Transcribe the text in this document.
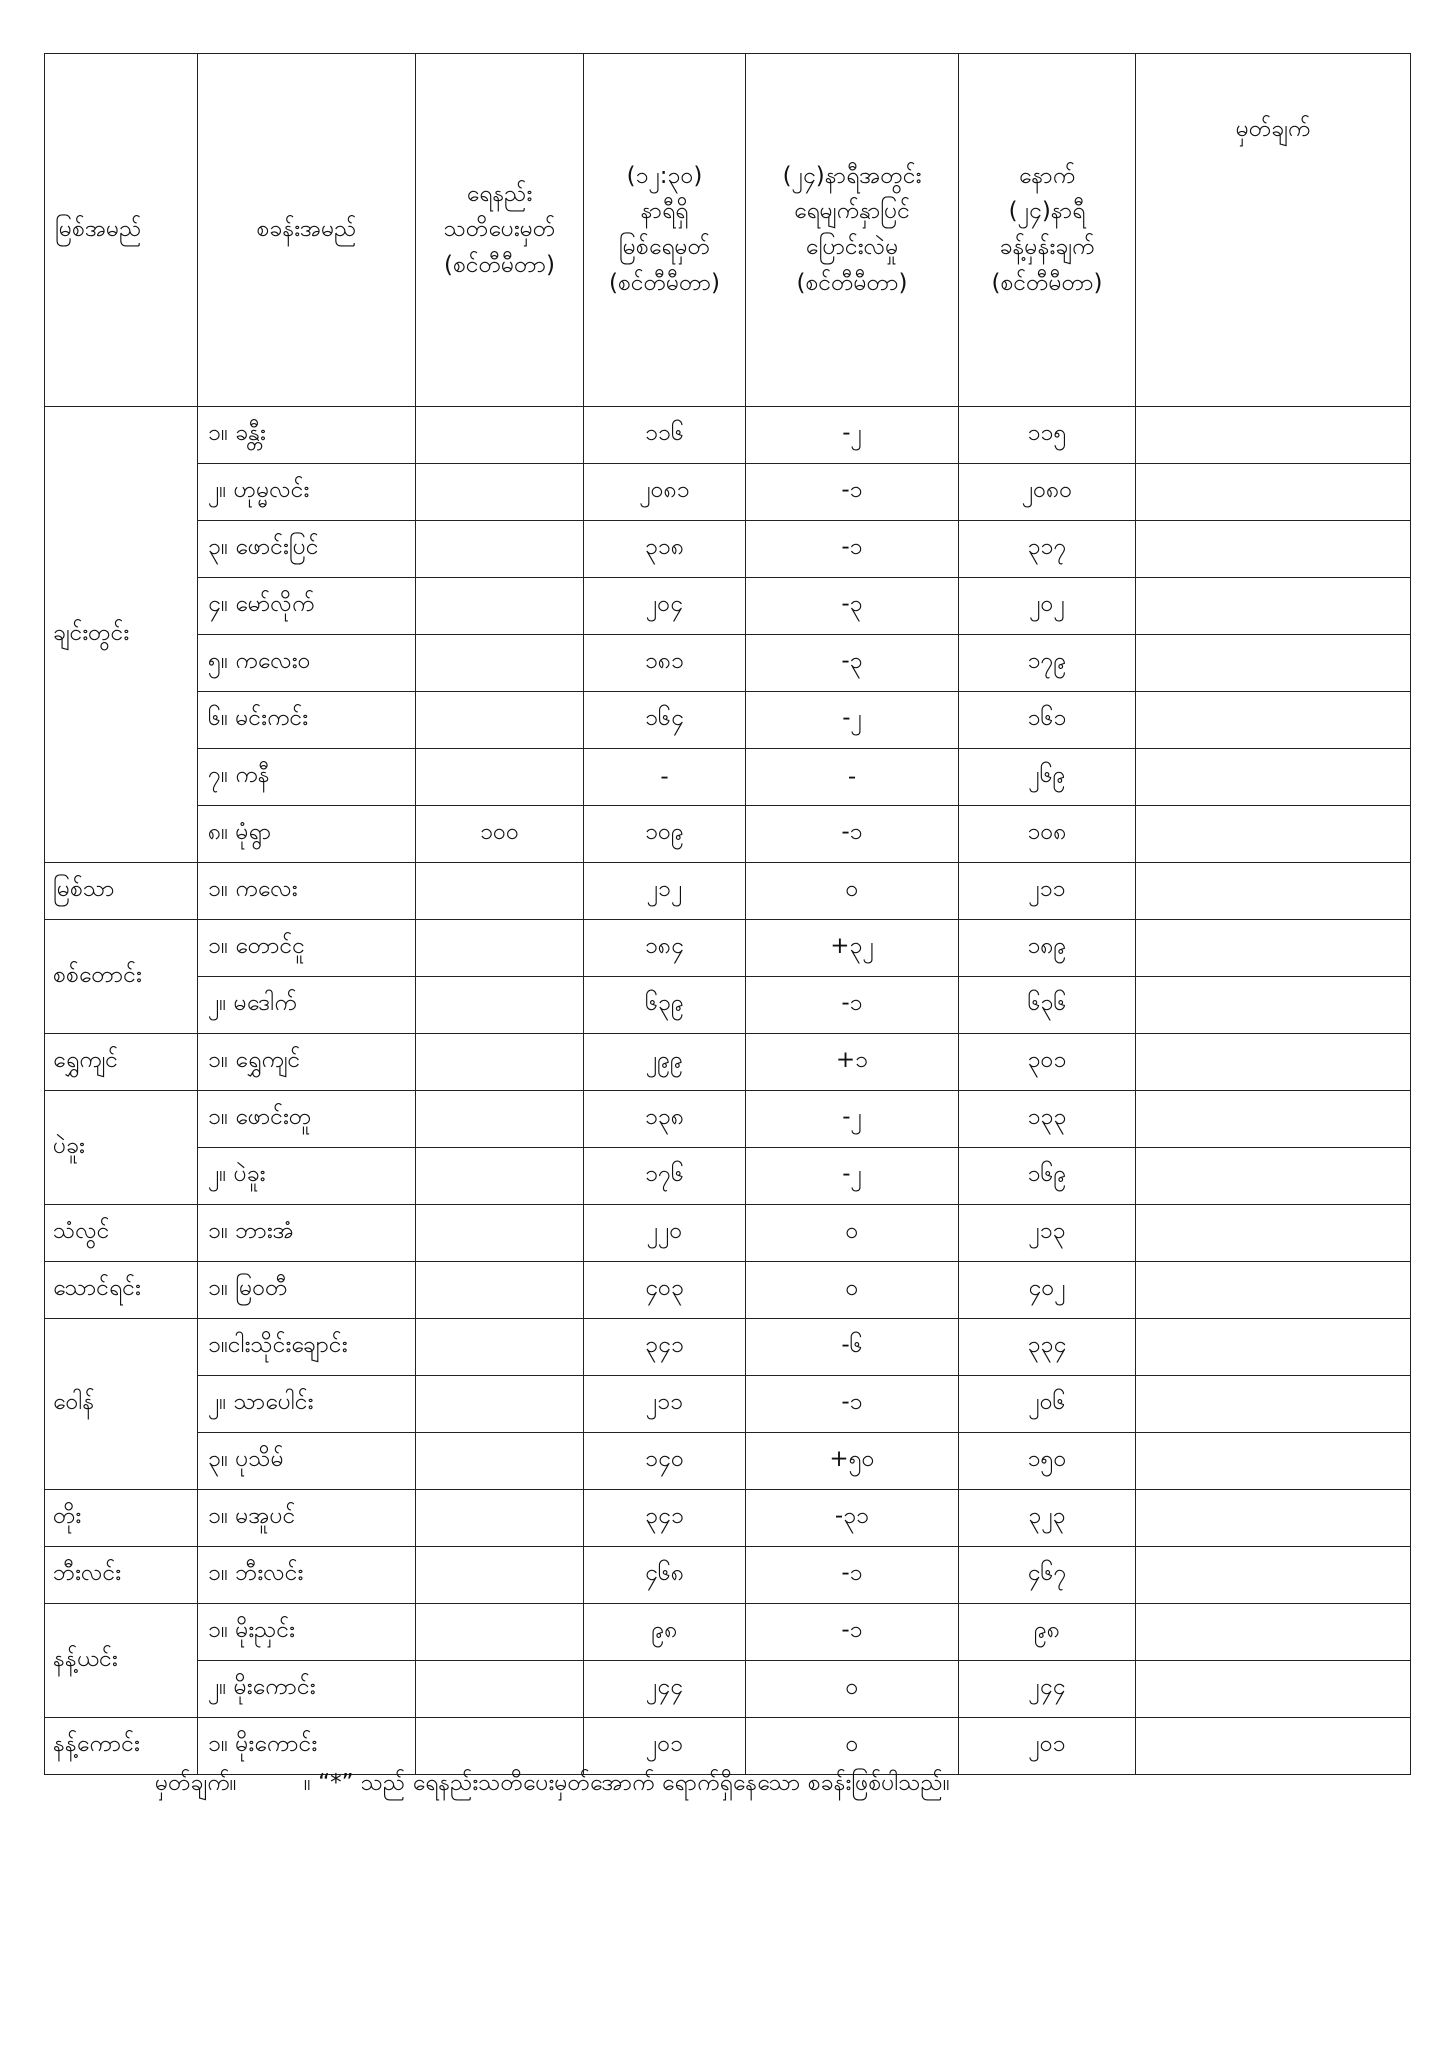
မြစ်အမည်	စခန်းအမည်	ရေနည်း
သတိပေးမှတ်
(စင်တီမီတာ)	(၁၂:၃၀)
နာရီရှိ
မြစ်ရေမှတ်
(စင်တီမီတာ)	(၂၄)နာရီအတွင်း
ရေမျက်နှာပြင်
ပြောင်းလဲမှု
(စင်တီမီတာ)	နောက်
(၂၄)နာရီ
ခန့်မှန်းချက်
(စင်တီမီတာ)	မှတ်ချက်
ချင်းတွင်း	၁။ ခန္တီး		၁၁၆	-၂	၁၁၅	
	၂။ ဟုမ္မလင်း		၂၀၈၁	-၁	၂၀၈၀	
	၃။ ဖောင်းပြင်		၃၁၈	-၁	၃၁၇	
	၄။ မော်လိုက်		၂၀၄	-၃	၂၀၂	
	၅။ ကလေးဝ		၁၈၁	-၃	၁၇၉	
	၆။ မင်းကင်း		၁၆၄	-၂	၁၆၁	
	၇။ ကနီ		-	-	၂၆၉	
	၈။ မုံရွာ	၁၀၀	၁၀၉	-၁	၁၀၈	
မြစ်သာ	၁။ ကလေး		၂၁၂	၀	၂၁၁	
စစ်တောင်း	၁။ တောင်ငူ		၁၈၄	+၃၂	၁၈၉	
	၂။ မဒေါက်		၆၃၉	-၁	၆၃၆	
ရွှေကျင်	၁။ ရွှေကျင်		၂၉၉	+၁	၃၀၁	
ပဲခူး	၁။ ဖောင်းတူ		၁၃၈	-၂	၁၃၃	
	၂။ ပဲခူး		၁၇၆	-၂	၁၆၉	
သံလွင်	၁။ ဘားအံ		၂၂၀	၀	၂၁၃	
သောင်ရင်း	၁။ မြဝတီ		၄၀၃	၀	၄၀၂	
ဝေါန်	၁။ငါးသိုင်းချောင်း		၃၄၁	-၆	၃၃၄	
	၂။ သာပေါင်း		၂၁၁	-၁	၂၀၆	
	၃။ ပုသိမ်		၁၄၀	+၅၀	၁၅၀	
တိုး	၁။ မအူပင်		၃၄၁	-၃၁	၃၂၃	
ဘီးလင်း	၁။ ဘီးလင်း		၄၆၈	-၁	၄၆၇	
နန့်ယင်း	၁။ မိုးညှင်း		၉၈	-၁	၉၈	
	၂။ မိုးကောင်း		၂၄၄	၀	၂၄၄	
နန့်ကောင်း	၁။ မိုးကောင်း		၂၀၁	၀	၂၀၁	
မှတ်ချက်။	။ “*” သည် ရေနည်းသတိပေးမှတ်အောက် ရောက်ရှိနေသော စခန်းဖြစ်ပါသည်။
